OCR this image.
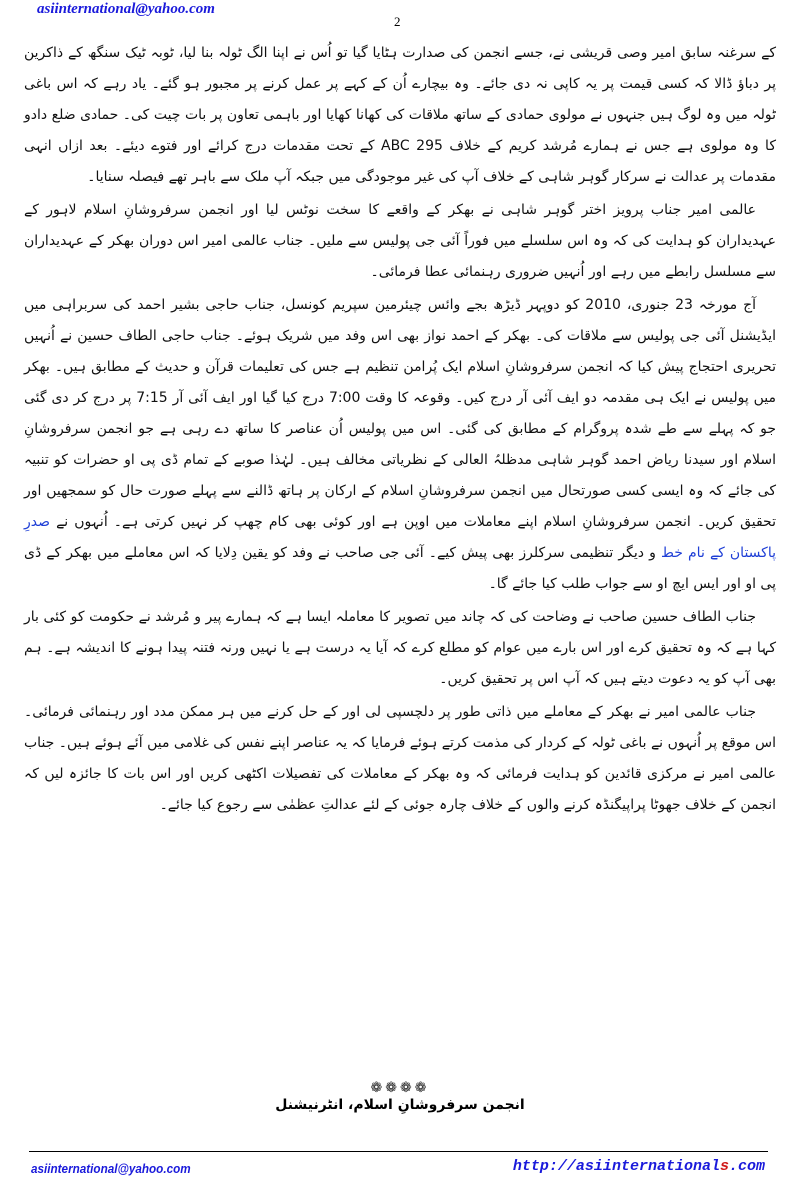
asiinternational@yahoo.com
2

کے سرغنہ سابق امیر وصی قریشی نے، جسے انجمن کی صدارت ہٹایا گیا تو اُس نے اپنا الگ ٹولہ بنا لیا، ٹوبہ ٹیک سنگھ کے ذاکرین پر دباؤ ڈالا کہ کسی قیمت پر یہ کاپی نہ دی جائے۔ وہ بیچارے اُن کے کہے پر عمل کرنے پر مجبور ہو گئے۔ یاد رہے کہ اس باغی ٹولہ میں وہ لوگ ہیں جنہوں نے مولوی حمادی کے ساتھ ملاقات کی کھانا کھایا اور باہمی تعاون پر بات چیت کی۔ حمادی ضلع دادو کا وہ مولوی ہے جس نے ہمارے مُرشد کریم کے خلاف ABC 295 کے تحت مقدمات درج کرائے اور فتوے دیئے۔ بعد ازاں انہی مقدمات پر عدالت نے سرکار گوہر شاہی کے خلاف آپ کی غیر موجودگی میں جبکہ آپ ملک سے باہر تھے فیصلہ سنایا۔

عالمی امیر جناب پرویز اختر گوہر شاہی نے بھکر کے واقعے کا سخت نوٹس لیا اور انجمن سرفروشانِ اسلام لاہور کے عہدیداران کو ہدایت کی کہ وہ اس سلسلے میں فوراً آئی جی پولیس سے ملیں۔ جناب عالمی امیر اس دوران بھکر کے عہدیداران سے مسلسل رابطے میں رہے اور اُنہیں ضروری رہنمائی عطا فرمائی۔

آج مورخہ 23 جنوری، 2010 کو دوپہر ڈیڑھ بجے وائس چیئرمین سپریم کونسل، جناب حاجی بشیر احمد کی سربراہی میں ایڈیشنل آئی جی پولیس سے ملاقات کی۔ بھکر کے احمد نواز بھی اس وفد میں شریک ہوئے۔ جناب حاجی الطاف حسین نے اُنہیں تحریری احتجاج پیش کیا کہ انجمن سرفروشانِ اسلام ایک پُرامن تنظیم ہے جس کی تعلیمات قرآن و حدیث کے مطابق ہیں۔ بھکر میں پولیس نے ایک ہی مقدمہ دو ایف آئی آر درج کیں۔ وقوعہ کا وقت 7:00 درج کیا گیا اور ایف آئی آر 7:15 پر درج کر دی گئی جو کہ پہلے سے طے شدہ پروگرام کے مطابق کی گئی۔ اس میں پولیس اُن عناصر کا ساتھ دے رہی ہے جو انجمن سرفروشانِ اسلام اور سیدنا ریاض احمد گوہر شاہی مدظلہُ العالی کے نظریاتی مخالف ہیں۔ لہٰذا صوبے کے تمام ڈی پی او حضرات کو تنبیہ کی جائے کہ وہ ایسی کسی صورتحال میں انجمن سرفروشانِ اسلام کے ارکان پر ہاتھ ڈالنے سے پہلے صورت حال کو سمجھیں اور تحقیق کریں۔ انجمن سرفروشانِ اسلام اپنے معاملات میں اوپن ہے اور کوئی بھی کام چھپ کر نہیں کرتی ہے۔ اُنہوں نے صدرِ پاکستان کے نام خط و دیگر تنظیمی سرکلرز بھی پیش کیے۔ آئی جی صاحب نے وفد کو یقین دِلایا کہ اس معاملے میں بھکر کے ڈی پی او اور ایس ایچ او سے جواب طلب کیا جائے گا۔

جناب الطاف حسین صاحب نے وضاحت کی کہ چاند میں تصویر کا معاملہ ایسا ہے کہ ہمارے پیر و مُرشد نے حکومت کو کئی بار کہا ہے کہ وہ تحقیق کرے اور اس بارے میں عوام کو مطلع کرے کہ آیا یہ درست ہے یا نہیں ورنہ فتنہ پیدا ہونے کا اندیشہ ہے۔ ہم بھی آپ کو یہ دعوت دیتے ہیں کہ آپ اس پر تحقیق کریں۔

جناب عالمی امیر نے بھکر کے معاملے میں ذاتی طور پر دلچسپی لی اور کے حل کرنے میں ہر ممکن مدد اور رہنمائی فرمائی۔ اس موقع پر اُنہوں نے باغی ٹولہ کے کردار کی مذمت کرتے ہوئے فرمایا کہ یہ عناصر اپنے نفس کی غلامی میں آئے ہوئے ہیں۔ جناب عالمی امیر نے مرکزی قائدین کو ہدایت فرمائی کہ وہ بھکر کے معاملات کی تفصیلات اکٹھی کریں اور اس بات کا جائزہ لیں کہ انجمن کے خلاف جھوٹا پراپیگنڈہ کرنے والوں کے خلاف چارہ جوئی کے لئے عدالتِ عظمٰی سے رجوع کیا جائے۔

❁❁❁❁
انجمن سرفروشانِ اسلام، انٹرنیشنل
asiinternational@yahoo.com	http://asiinternationals.com
